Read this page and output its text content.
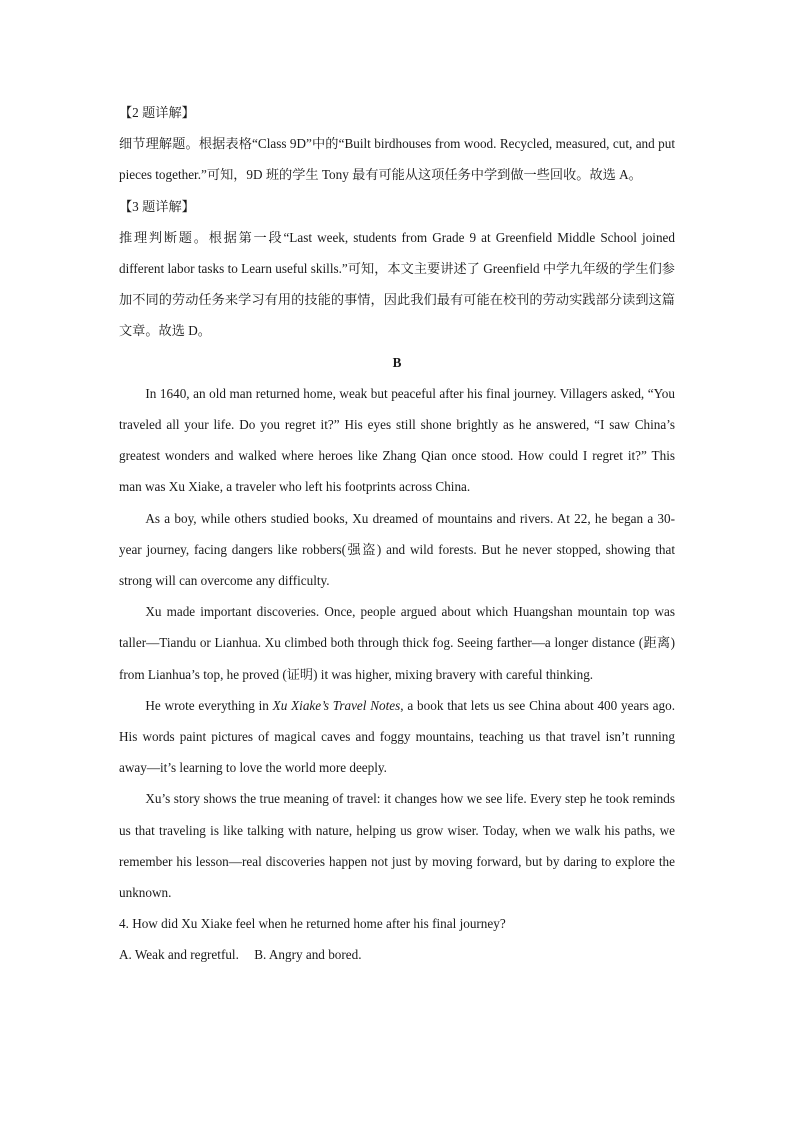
【2 题详解】

细节理解题。根据表格“Class 9D”中的“Built birdhouses from wood. Recycled, measured, cut, and put pieces together.”可知，9D 班的学生 Tony 最有可能从这项任务中学到做一些回收。故选 A。

【3 题详解】

推理判断题。根据第一段“Last week, students from Grade 9 at Greenfield Middle School joined different labor tasks to Learn useful skills.”可知，本文主要讲述了 Greenfield 中学九年级的学生们参加不同的劳动任务来学习有用的技能的事情，因此我们最有可能在校刊的劳动实践部分读到这篇文章。故选 D。

B

In 1640, an old man returned home, weak but peaceful after his final journey. Villagers asked, “You traveled all your life. Do you regret it?” His eyes still shone brightly as he answered, “I saw China’s greatest wonders and walked where heroes like Zhang Qian once stood. How could I regret it?” This man was Xu Xiake, a traveler who left his footprints across China.

As a boy, while others studied books, Xu dreamed of mountains and rivers. At 22, he began a 30-year journey, facing dangers like robbers(强盗) and wild forests. But he never stopped, showing that strong will can overcome any difficulty.

Xu made important discoveries. Once, people argued about which Huangshan mountain top was taller—Tiandu or Lianhua. Xu climbed both through thick fog. Seeing farther—a longer distance (距离) from Lianhua’s top, he proved (证明) it was higher, mixing bravery with careful thinking.

He wrote everything in Xu Xiake’s Travel Notes, a book that lets us see China about 400 years ago. His words paint pictures of magical caves and foggy mountains, teaching us that travel isn’t running away—it’s learning to love the world more deeply.

Xu’s story shows the true meaning of travel: it changes how we see life. Every step he took reminds us that traveling is like talking with nature, helping us grow wiser. Today, when we walk his paths, we remember his lesson—real discoveries happen not just by moving forward, but by daring to explore the unknown.

4. How did Xu Xiake feel when he returned home after his final journey?

A. Weak and regretful. B. Angry and bored.
